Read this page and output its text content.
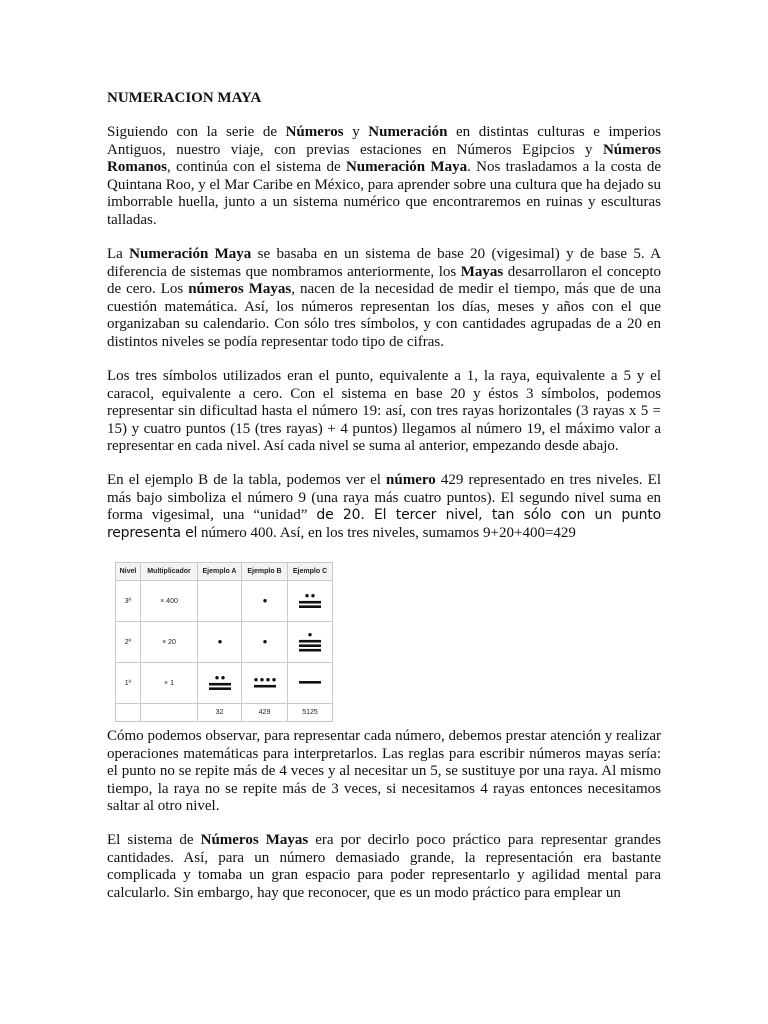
NUMERACION MAYA

Siguiendo con la serie de Números y Numeración en distintas culturas e imperios Antiguos, nuestro viaje, con previas estaciones en Números Egipcios y Números Romanos, continúa con el sistema de Numeración Maya. Nos trasladamos a la costa de Quintana Roo, y el Mar Caribe en México, para aprender sobre una cultura que ha dejado su imborrable huella, junto a un sistema numérico que encontraremos en ruinas y esculturas talladas.

La Numeración Maya se basaba en un sistema de base 20 (vigesimal) y de base 5. A diferencia de sistemas que nombramos anteriormente, los Mayas desarrollaron el concepto de cero. Los números Mayas, nacen de la necesidad de medir el tiempo, más que de una cuestión matemática. Así, los números representan los días, meses y años con el que organizaban su calendario. Con sólo tres símbolos, y con cantidades agrupadas de a 20 en distintos niveles se podía representar todo tipo de cifras.

Los tres símbolos utilizados eran el punto, equivalente a 1, la raya, equivalente a 5 y el caracol, equivalente a cero. Con el sistema en base 20 y éstos 3 símbolos, podemos representar sin dificultad hasta el número 19: así, con tres rayas horizontales (3 rayas x 5 = 15) y cuatro puntos (15 (tres rayas) + 4 puntos) llegamos al número 19, el máximo valor a representar en cada nivel. Así cada nivel se suma al anterior, empezando desde abajo.

En el ejemplo B de la tabla, podemos ver el número 429 representado en tres niveles. El más bajo simboliza el número 9 (una raya más cuatro puntos). El segundo nivel suma en forma vigesimal, una “unidad” de 20. El tercer nivel, tan sólo con un punto representa el número 400. Así, en los tres niveles, sumamos 9+20+400=429

Nivel	Multiplicador	Ejemplo A	Ejemplo B	Ejemplo C
3º	× 400			
2º	× 20			
1º	× 1			
		32	429	5125

Cómo podemos observar, para representar cada número, debemos prestar atención y realizar operaciones matemáticas para interpretarlos. Las reglas para escribir números mayas sería: el punto no se repite más de 4 veces y al necesitar un 5, se sustituye por una raya. Al mismo tiempo, la raya no se repite más de 3 veces, si necesitamos 4 rayas entonces necesitamos saltar al otro nivel.

El sistema de Números Mayas era por decirlo poco práctico para representar grandes cantidades. Así, para un número demasiado grande, la representación era bastante complicada y tomaba un gran espacio para poder representarlo y agilidad mental para calcularlo. Sin embargo, hay que reconocer, que es un modo práctico para emplear un
